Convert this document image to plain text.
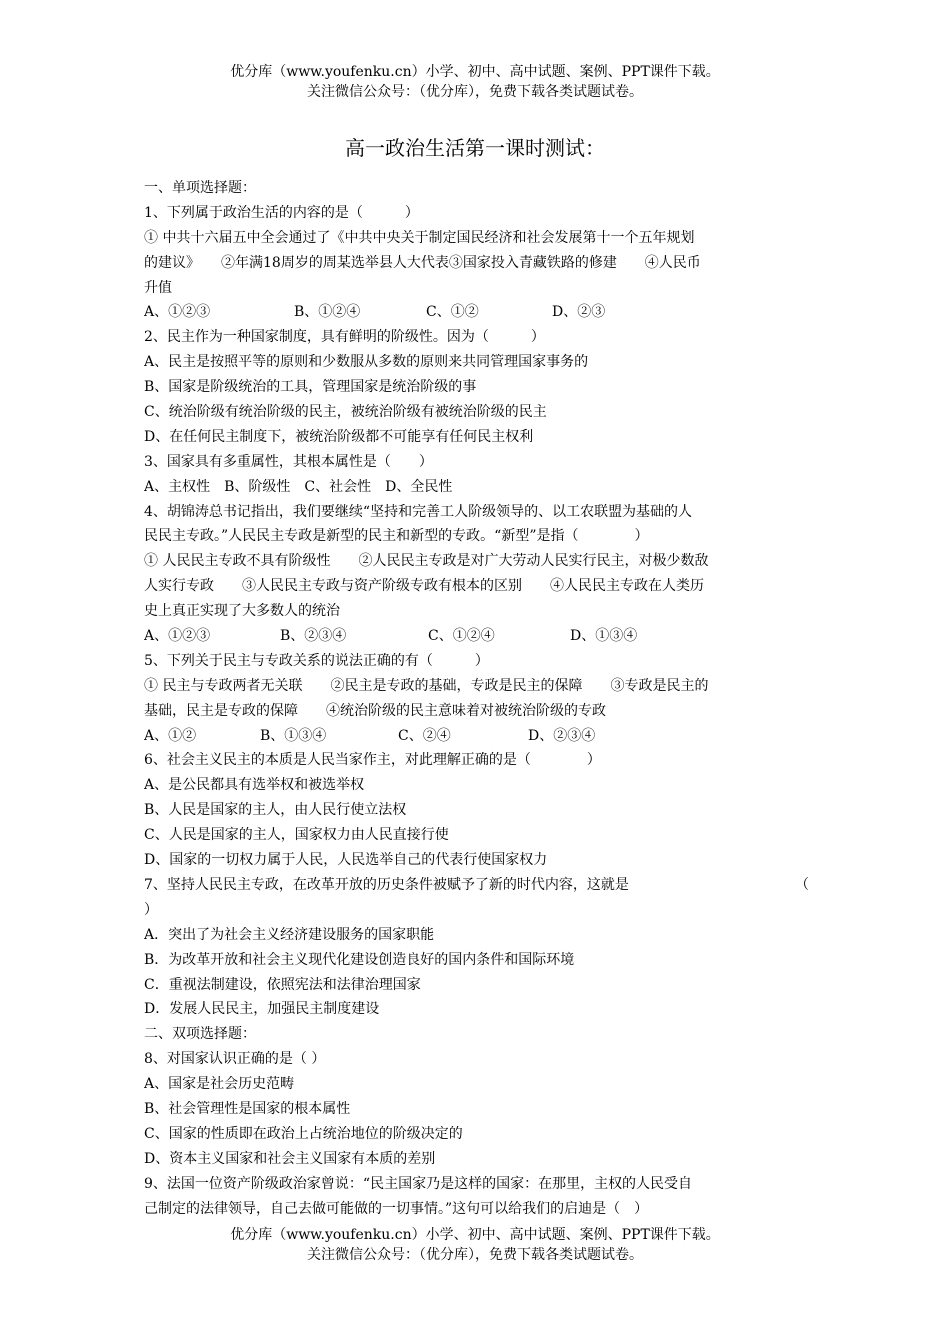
优分库（www.youfenku.cn）小学、初中、高中试题、案例、PPT课件下载。
关注微信公众号：（优分库），免费下载各类试题试卷。
高一政治生活第一课时测试：
一、单项选择题：
1、下列属于政治生活的内容的是（　　　）
① 中共十六届五中全会通过了《中共中央关于制定国民经济和社会发展第十一个五年规划
的建议》　　②年满18周岁的周某选举县人大代表③国家投入青藏铁路的修建　　④人民币
升值
A、①②③	B、①②④	C、①②	D、②③
2、民主作为一种国家制度，具有鲜明的阶级性。因为（　　　）
A、民主是按照平等的原则和少数服从多数的原则来共同管理国家事务的
B、国家是阶级统治的工具，管理国家是统治阶级的事
C、统治阶级有统治阶级的民主，被统治阶级有被统治阶级的民主
D、在任何民主制度下，被统治阶级都不可能享有任何民主权利
3、国家具有多重属性，其根本属性是（　　）
A、主权性　B、阶级性　C、社会性　D、全民性
4、胡锦涛总书记指出，我们要继续“坚持和完善工人阶级领导的、以工农联盟为基础的人
民民主专政。”人民民主专政是新型的民主和新型的专政。“新型”是指（　　　　）
① 人民民主专政不具有阶级性　　②人民民主专政是对广大劳动人民实行民主，对极少数敌
人实行专政　　③人民民主专政与资产阶级专政有根本的区别　　④人民民主专政在人类历
史上真正实现了大多数人的统治
A、①②③	B、②③④	C、①②④	D、①③④
5、下列关于民主与专政关系的说法正确的有（　　　）
① 民主与专政两者无关联　　②民主是专政的基础，专政是民主的保障　　③专政是民主的
基础，民主是专政的保障　　④统治阶级的民主意味着对被统治阶级的专政
A、①②	B、①③④	C、②④	D、②③④
6、社会主义民主的本质是人民当家作主，对此理解正确的是（　　　　）
A、是公民都具有选举权和被选举权
B、人民是国家的主人，由人民行使立法权
C、人民是国家的主人，国家权力由人民直接行使
D、国家的一切权力属于人民，人民选举自己的代表行使国家权力
7、坚持人民民主专政，在改革开放的历史条件被赋予了新的时代内容，这就是	（
）
A．突出了为社会主义经济建设服务的国家职能
B．为改革开放和社会主义现代化建设创造良好的国内条件和国际环境
C．重视法制建设，依照宪法和法律治理国家
D．发展人民民主，加强民主制度建设
二、双项选择题：
8、对国家认识正确的是（ ）
A、国家是社会历史范畴
B、社会管理性是国家的根本属性
C、国家的性质即在政治上占统治地位的阶级决定的
D、资本主义国家和社会主义国家有本质的差别
9、法国一位资产阶级政治家曾说：“民主国家乃是这样的国家：在那里，主权的人民受自
己制定的法律领导，自己去做可能做的一切事情。”这句可以给我们的启迪是（　）
优分库（www.youfenku.cn）小学、初中、高中试题、案例、PPT课件下载。
关注微信公众号：（优分库），免费下载各类试题试卷。
